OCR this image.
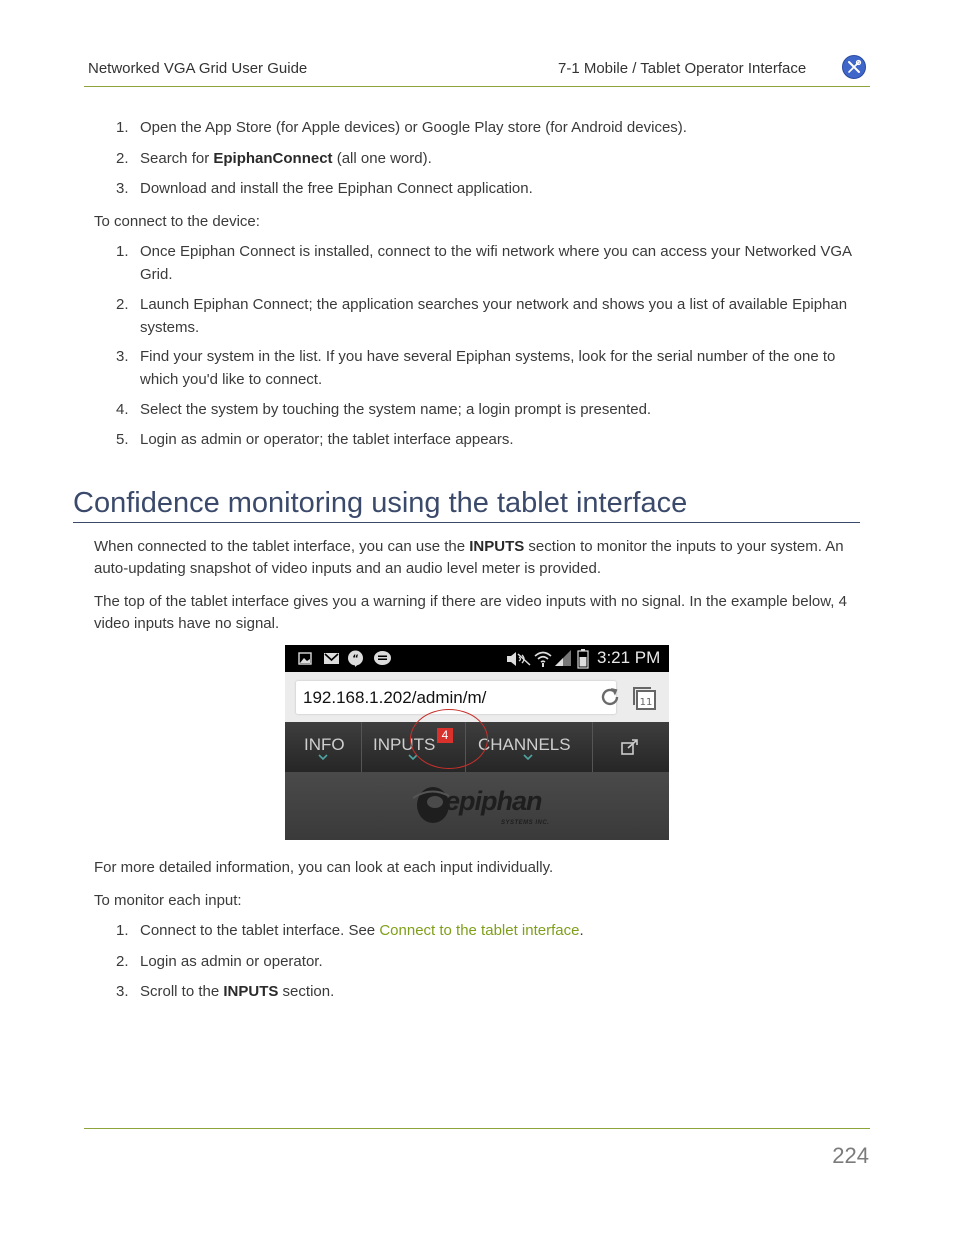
Networked VGA Grid User Guide	7-1 Mobile / Tablet Operator Interface
1. Open the App Store (for Apple devices) or Google Play store (for Android devices).
2. Search for EpiphanConnect (all one word).
3. Download and install the free Epiphan Connect application.

To connect to the device:

1. Once Epiphan Connect is installed, connect to the wifi network where you can access your Networked VGA Grid.
2. Launch Epiphan Connect; the application searches your network and shows you a list of available Epiphan systems.
3. Find your system in the list. If you have several Epiphan systems, look for the serial number of the one to which you'd like to connect.
4. Select the system by touching the system name; a login prompt is presented.
5. Login as admin or operator; the tablet interface appears.
Confidence monitoring using the tablet interface

When connected to the tablet interface, you can use the INPUTS section to monitor the inputs to your system. An auto-updating snapshot of video inputs and an audio level meter is provided.

The top of the tablet interface gives you a warning if there are video inputs with no signal. In the example below, 4 video inputs have no signal.

“	3:21 PM
192.168.1.202/admin/m/	11
INFO INPUTS 4 CHANNELS
epiphan
SYSTEMS INC.

For more detailed information, you can look at each input individually.

To monitor each input:

1. Connect to the tablet interface. See Connect to the tablet interface.
2. Login as admin or operator.
3. Scroll to the INPUTS section.
224
